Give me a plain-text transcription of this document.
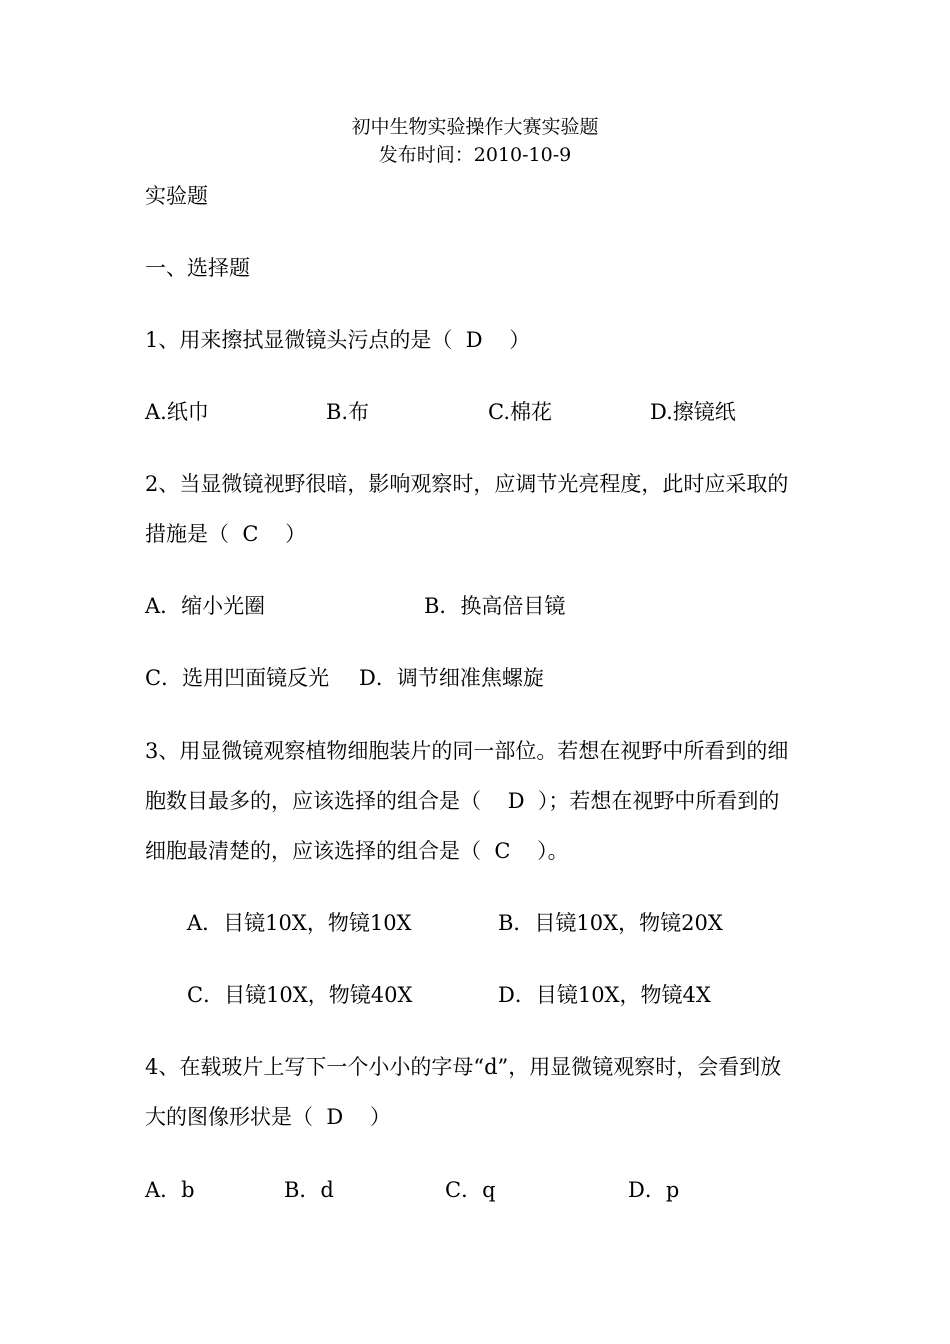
初中生物实验操作大赛实验题
发布时间：2010-10-9
实验题
一、选择题
1、用来擦拭显微镜头污点的是（  D    ）
A.纸巾	B.布	C.棉花	D.擦镜纸
2、当显微镜视野很暗，影响观察时，应调节光亮程度，此时应采取的
措施是（  C    ）
A．缩小光圈	B．换高倍目镜
C．选用凹面镜反光 D．调节细准焦螺旋
3、用显微镜观察植物细胞装片的同一部位。若想在视野中所看到的细
胞数目最多的，应该选择的组合是（    D  ）；若想在视野中所看到的
细胞最清楚的，应该选择的组合是（  C    ）。
A．目镜10X，物镜10X	B．目镜10X，物镜20X
C．目镜10X，物镜40X	D．目镜10X，物镜4X
4、在载玻片上写下一个小小的字母“d”，用显微镜观察时，会看到放
大的图像形状是（  D    ）
A．b	B．d	C．q	D．p
